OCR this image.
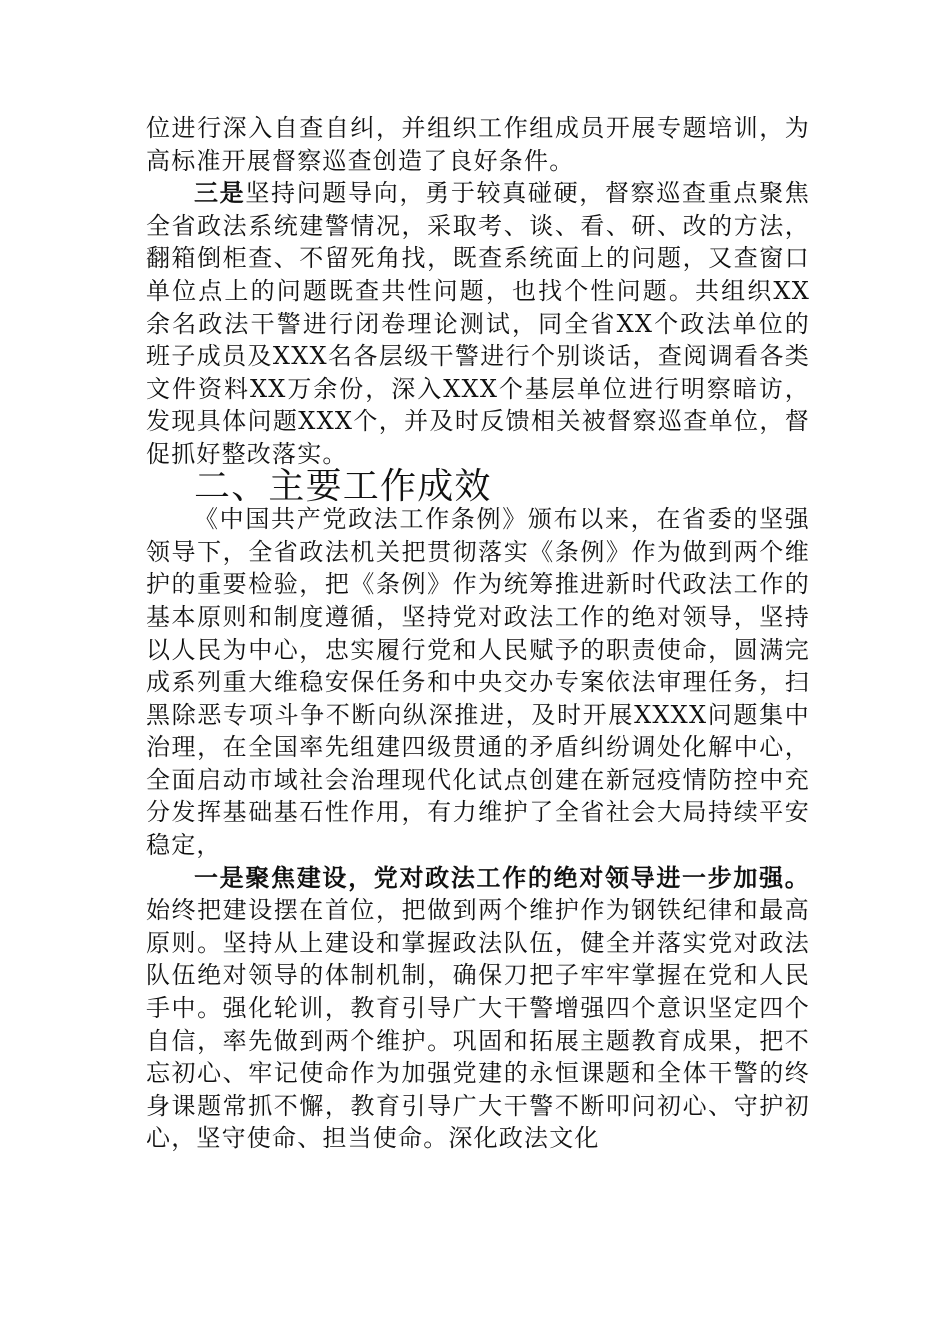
位进行深入自查自纠，并组织工作组成员开展专题培训，为高标准开展督察巡查创造了良好条件。

三是坚持问题导向，勇于较真碰硬，督察巡查重点聚焦全省政法系统建警情况，采取考、谈、看、研、改的方法，翻箱倒柜查、不留死角找，既查系统面上的问题，又查窗口单位点上的问题既查共性问题，也找个性问题。共组织XX余名政法干警进行闭卷理论测试，同全省XX个政法单位的班子成员及XXX名各层级干警进行个别谈话，查阅调看各类文件资料XX万余份，深入XXX个基层单位进行明察暗访，发现具体问题XXX个，并及时反馈相关被督察巡查单位，督促抓好整改落实。

二、主要工作成效

《中国共产党政法工作条例》颁布以来，在省委的坚强领导下，全省政法机关把贯彻落实《条例》作为做到两个维护的重要检验，把《条例》作为统筹推进新时代政法工作的基本原则和制度遵循，坚持党对政法工作的绝对领导，坚持以人民为中心，忠实履行党和人民赋予的职责使命，圆满完成系列重大维稳安保任务和中央交办专案依法审理任务，扫黑除恶专项斗争不断向纵深推进，及时开展XXXX问题集中治理，在全国率先组建四级贯通的矛盾纠纷调处化解中心，全面启动市域社会治理现代化试点创建在新冠疫情防控中充分发挥基础基石性作用，有力维护了全省社会大局持续平安稳定，

一是聚焦建设，党对政法工作的绝对领导进一步加强。始终把建设摆在首位，把做到两个维护作为钢铁纪律和最高原则。坚持从上建设和掌握政法队伍，健全并落实党对政法队伍绝对领导的体制机制，确保刀把子牢牢掌握在党和人民手中。强化轮训，教育引导广大干警增强四个意识坚定四个自信，率先做到两个维护。巩固和拓展主题教育成果，把不忘初心、牢记使命作为加强党建的永恒课题和全体干警的终身课题常抓不懈，教育引导广大干警不断叩问初心、守护初心，坚守使命、担当使命。深化政法文化
